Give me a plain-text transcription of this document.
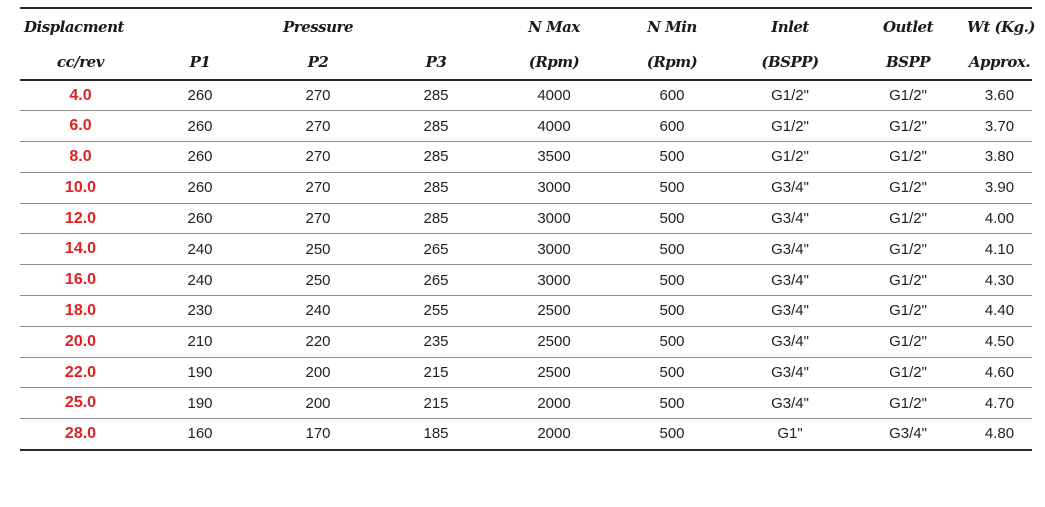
Displacment		Pressure		N Max	N Min	Inlet	Outlet	Wt (Kg.)
cc/rev	P1	P2	P3	(Rpm)	(Rpm)	(BSPP)	BSPP	Approx.
4.0	260	270	285	4000	600	G1/2"	G1/2"	3.60
6.0	260	270	285	4000	600	G1/2"	G1/2"	3.70
8.0	260	270	285	3500	500	G1/2"	G1/2"	3.80
10.0	260	270	285	3000	500	G3/4"	G1/2"	3.90
12.0	260	270	285	3000	500	G3/4"	G1/2"	4.00
14.0	240	250	265	3000	500	G3/4"	G1/2"	4.10
16.0	240	250	265	3000	500	G3/4"	G1/2"	4.30
18.0	230	240	255	2500	500	G3/4"	G1/2"	4.40
20.0	210	220	235	2500	500	G3/4"	G1/2"	4.50
22.0	190	200	215	2500	500	G3/4"	G1/2"	4.60
25.0	190	200	215	2000	500	G3/4"	G1/2"	4.70
28.0	160	170	185	2000	500	G1"	G3/4"	4.80
